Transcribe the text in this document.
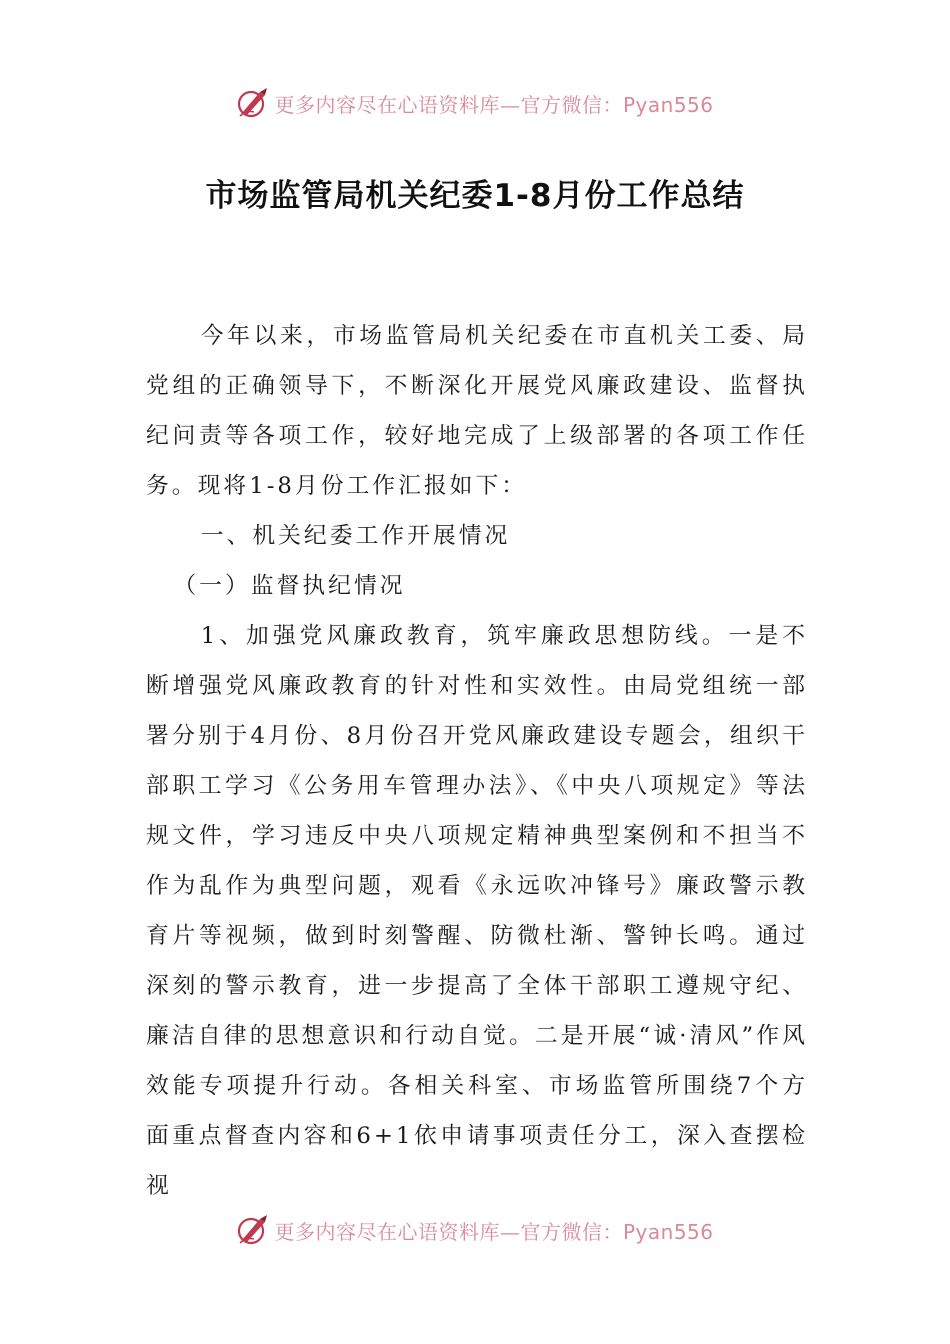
更多内容尽在心语资料库—官方微信：Pyan556
市场监管局机关纪委1-8月份工作总结

今年以来，市场监管局机关纪委在市直机关工委、局党组的正确领导下，不断深化开展党风廉政建设、监督执纪问责等各项工作，较好地完成了上级部署的各项工作任务。现将1-8月份工作汇报如下：

一、机关纪委工作开展情况

（一）监督执纪情况

1、加强党风廉政教育，筑牢廉政思想防线。一是不断增强党风廉政教育的针对性和实效性。由局党组统一部署分别于4月份、8月份召开党风廉政建设专题会，组织干部职工学习《公务用车管理办法》、《中央八项规定》等法规文件，学习违反中央八项规定精神典型案例和不担当不作为乱作为典型问题，观看《永远吹冲锋号》廉政警示教育片等视频，做到时刻警醒、防微杜渐、警钟长鸣。通过深刻的警示教育，进一步提高了全体干部职工遵规守纪、廉洁自律的思想意识和行动自觉。二是开展“诚·清风”作风效能专项提升行动。各相关科室、市场监管所围绕7个方面重点督查内容和6+1依申请事项责任分工，深入查摆检视

更多内容尽在心语资料库—官方微信：Pyan556
